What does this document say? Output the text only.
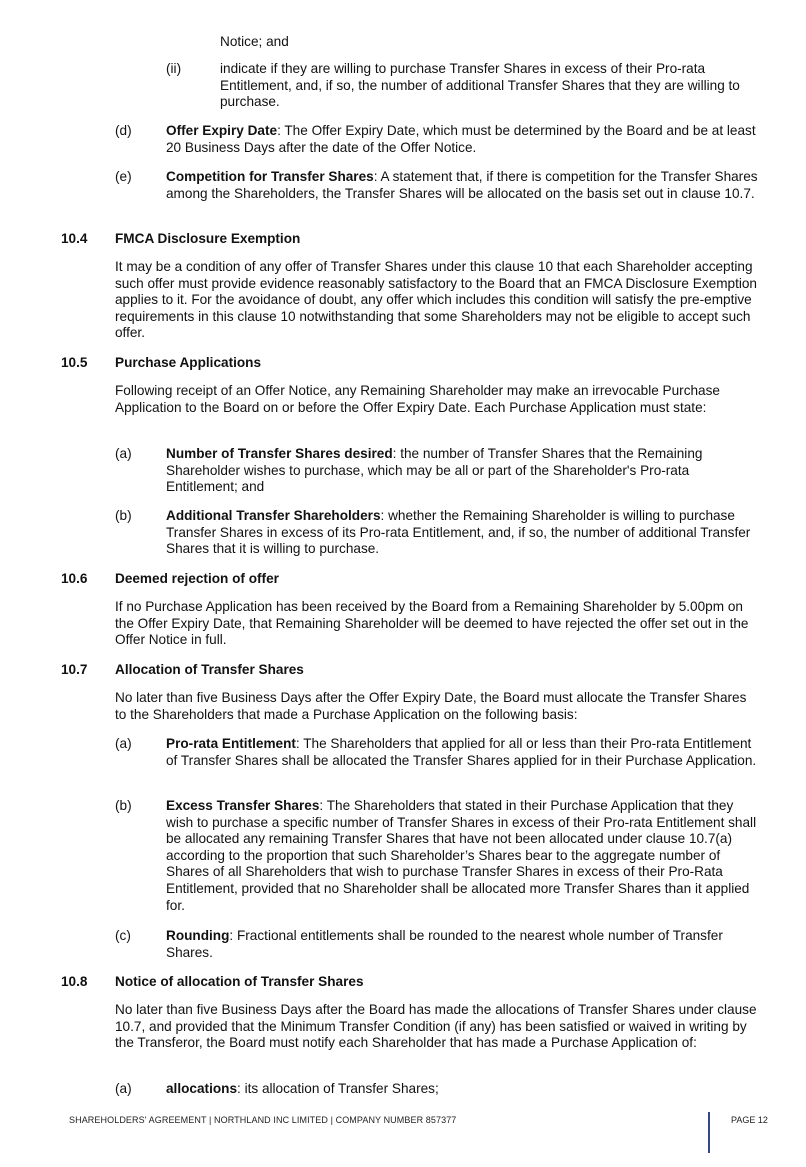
Notice; and

(ii)	indicate if they are willing to purchase Transfer Shares in excess of their Pro-rata Entitlement, and, if so, the number of additional Transfer Shares that they are willing to purchase.

(d)	Offer Expiry Date: The Offer Expiry Date, which must be determined by the Board and be at least 20 Business Days after the date of the Offer Notice.

(e)	Competition for Transfer Shares: A statement that, if there is competition for the Transfer Shares among the Shareholders, the Transfer Shares will be allocated on the basis set out in clause 10.7.

10.4 FMCA Disclosure Exemption

It may be a condition of any offer of Transfer Shares under this clause 10 that each Shareholder accepting such offer must provide evidence reasonably satisfactory to the Board that an FMCA Disclosure Exemption applies to it. For the avoidance of doubt, any offer which includes this condition will satisfy the pre-emptive requirements in this clause 10 notwithstanding that some Shareholders may not be eligible to accept such offer.

10.5 Purchase Applications

Following receipt of an Offer Notice, any Remaining Shareholder may make an irrevocable Purchase Application to the Board on or before the Offer Expiry Date. Each Purchase Application must state:

(a)	Number of Transfer Shares desired: the number of Transfer Shares that the Remaining Shareholder wishes to purchase, which may be all or part of the Shareholder's Pro-rata Entitlement; and

(b)	Additional Transfer Shareholders: whether the Remaining Shareholder is willing to purchase Transfer Shares in excess of its Pro-rata Entitlement, and, if so, the number of additional Transfer Shares that it is willing to purchase.

10.6 Deemed rejection of offer

If no Purchase Application has been received by the Board from a Remaining Shareholder by 5.00pm on the Offer Expiry Date, that Remaining Shareholder will be deemed to have rejected the offer set out in the Offer Notice in full.

10.7 Allocation of Transfer Shares

No later than five Business Days after the Offer Expiry Date, the Board must allocate the Transfer Shares to the Shareholders that made a Purchase Application on the following basis:

(a)	Pro-rata Entitlement: The Shareholders that applied for all or less than their Pro-rata Entitlement of Transfer Shares shall be allocated the Transfer Shares applied for in their Purchase Application.

(b)	Excess Transfer Shares: The Shareholders that stated in their Purchase Application that they wish to purchase a specific number of Transfer Shares in excess of their Pro-rata Entitlement shall be allocated any remaining Transfer Shares that have not been allocated under clause 10.7(a) according to the proportion that such Shareholder’s Shares bear to the aggregate number of Shares of all Shareholders that wish to purchase Transfer Shares in excess of their Pro-Rata Entitlement, provided that no Shareholder shall be allocated more Transfer Shares than it applied for.

(c)	Rounding: Fractional entitlements shall be rounded to the nearest whole number of Transfer Shares.

10.8 Notice of allocation of Transfer Shares

No later than five Business Days after the Board has made the allocations of Transfer Shares under clause 10.7, and provided that the Minimum Transfer Condition (if any) has been satisfied or waived in writing by the Transferor, the Board must notify each Shareholder that has made a Purchase Application of:

(a)	allocations: its allocation of Transfer Shares;

SHAREHOLDERS' AGREEMENT | NORTHLAND INC LIMITED | COMPANY NUMBER 857377	PAGE 12
